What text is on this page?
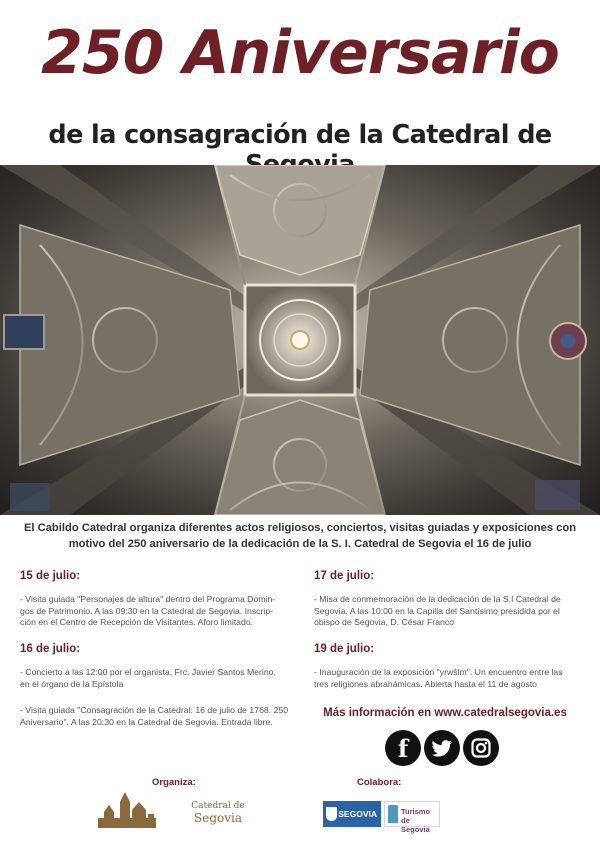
250 Aniversario
de la consagración de la Catedral de
El Cabildo Catedral organiza diferentes actos religiosos, conciertos, visitas guiadas y exposiciones con
motivo del 250 aniversario de la dedicación de la S. I. Catedral de Segovia el 16 de julio
15 de julio:
- Visita guiada "Personajes de altura" dentro del Programa Domin-
gos de Patrimonio. A las 09:30 en la Catedral de Segovia. Inscrip-
ción en el Centro de Recepción de Visitantes. Aforo limitado.
16 de julio:
- Concierto a las 12:00 por el organista, Frc. Javier Santos Merino,
en el órgano de la Epístola
- Visita guiada "Consagración de la Catedral: 16 de julio de 1768. 250
Aniversario". A las 20:30 en la Catedral de Segovia. Entrada libre.
17 de julio:
- Misa de conmemoración de la dedicación de la S.I Catedral de
Segovia. A las 10:00 en la Capilla del Santísimo presidida por el
obispo de Segovia, D. César Franco
19 de julio:
- Inauguración de la exposición "yrwšlm". Un encuentro entre las
tres religiones abrahámicas. Abierta hasta el 11 de agosto
Más información en www.catedralsegovia.es
f
Organiza:	Colabora:
Catedral de
Segovia	SEGOVIA	Turismo de
Segovia
